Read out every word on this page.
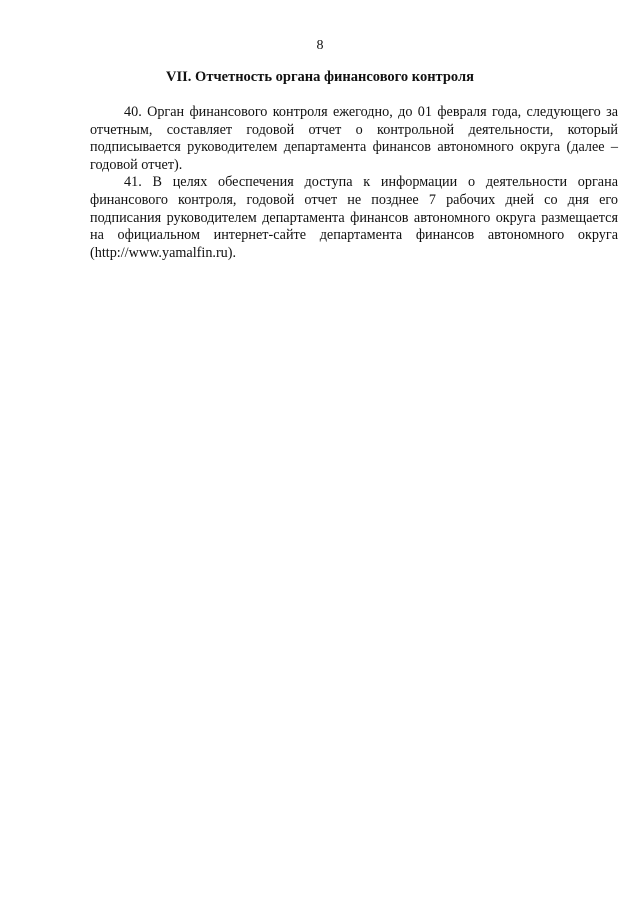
8
VII. Отчетность органа финансового контроля

40. Орган финансового контроля ежегодно, до 01 февраля года, следующего за отчетным, составляет годовой отчет о контрольной деятельности, который подписывается руководителем департамента финансов автономного округа (далее – годовой отчет).

41. В целях обеспечения доступа к информации о деятельности органа финансового контроля, годовой отчет не позднее 7 рабочих дней со дня его подписания руководителем департамента финансов автономного округа размещается на официальном интернет-сайте департамента финансов автономного округа (http://www.yamalfin.ru).
